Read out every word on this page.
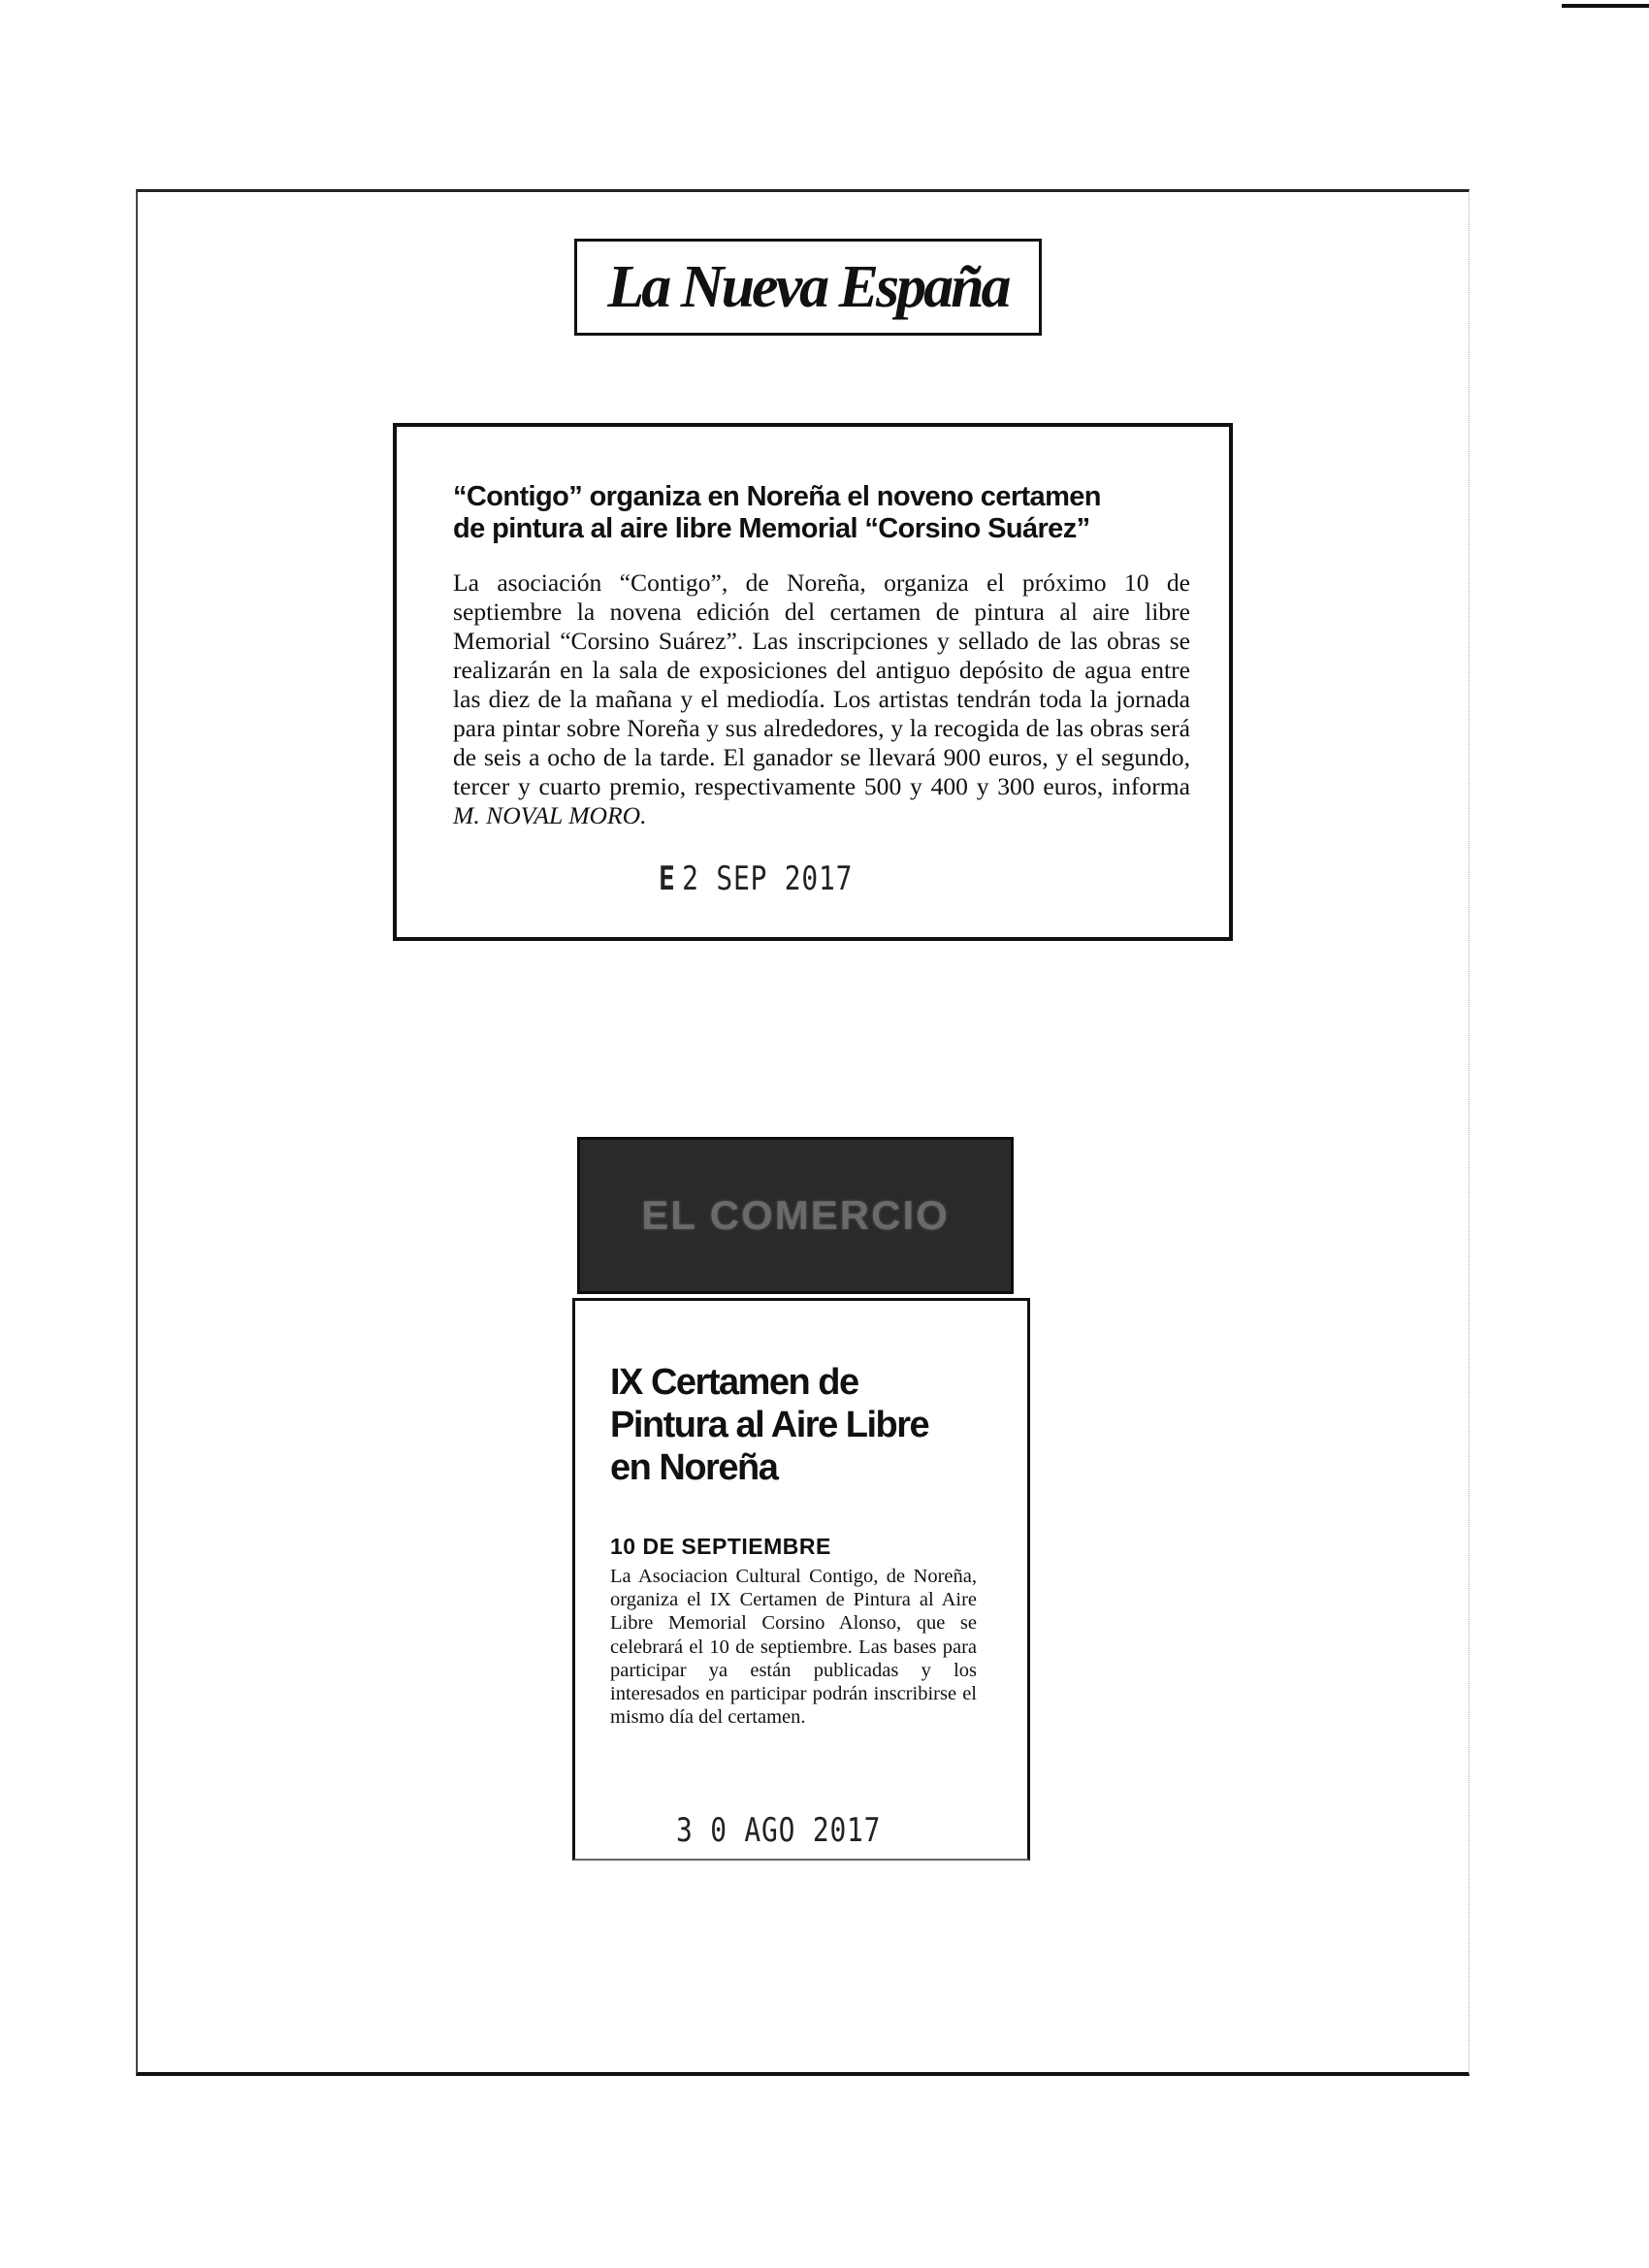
La Nueva España
“Contigo” organiza en Noreña el noveno certamen
de pintura al aire libre Memorial “Corsino Suárez”

La asociación “Contigo”, de Noreña, organiza el próximo 10 de septiembre la novena edición del certamen de pintura al aire libre Memorial “Corsino Suárez”. Las inscripciones y sellado de las obras se realizarán en la sala de exposiciones del antiguo depósito de agua entre las diez de la mañana y el mediodía. Los artistas tendrán toda la jornada para pintar sobre Noreña y sus alrededores, y la recogida de las obras será de seis a ocho de la tarde. El ganador se llevará 900 euros, y el segundo, tercer y cuarto premio, respectivamente 500 y 400 y 300 euros, informa M. NOVAL MORO.

E 2 SEP 2017
EL COMERCIO
IX Certamen de
Pintura al Aire Libre
en Noreña
10 DE SEPTIEMBRE

La Asociacion Cultural Contigo, de Noreña, organiza el IX Certamen de Pintura al Aire Libre Memorial Corsino Alonso, que se celebrará el 10 de septiembre. Las bases para participar ya están publicadas y los interesados en participar podrán inscribirse el mismo día del certamen.

3 0 AGO 2017
